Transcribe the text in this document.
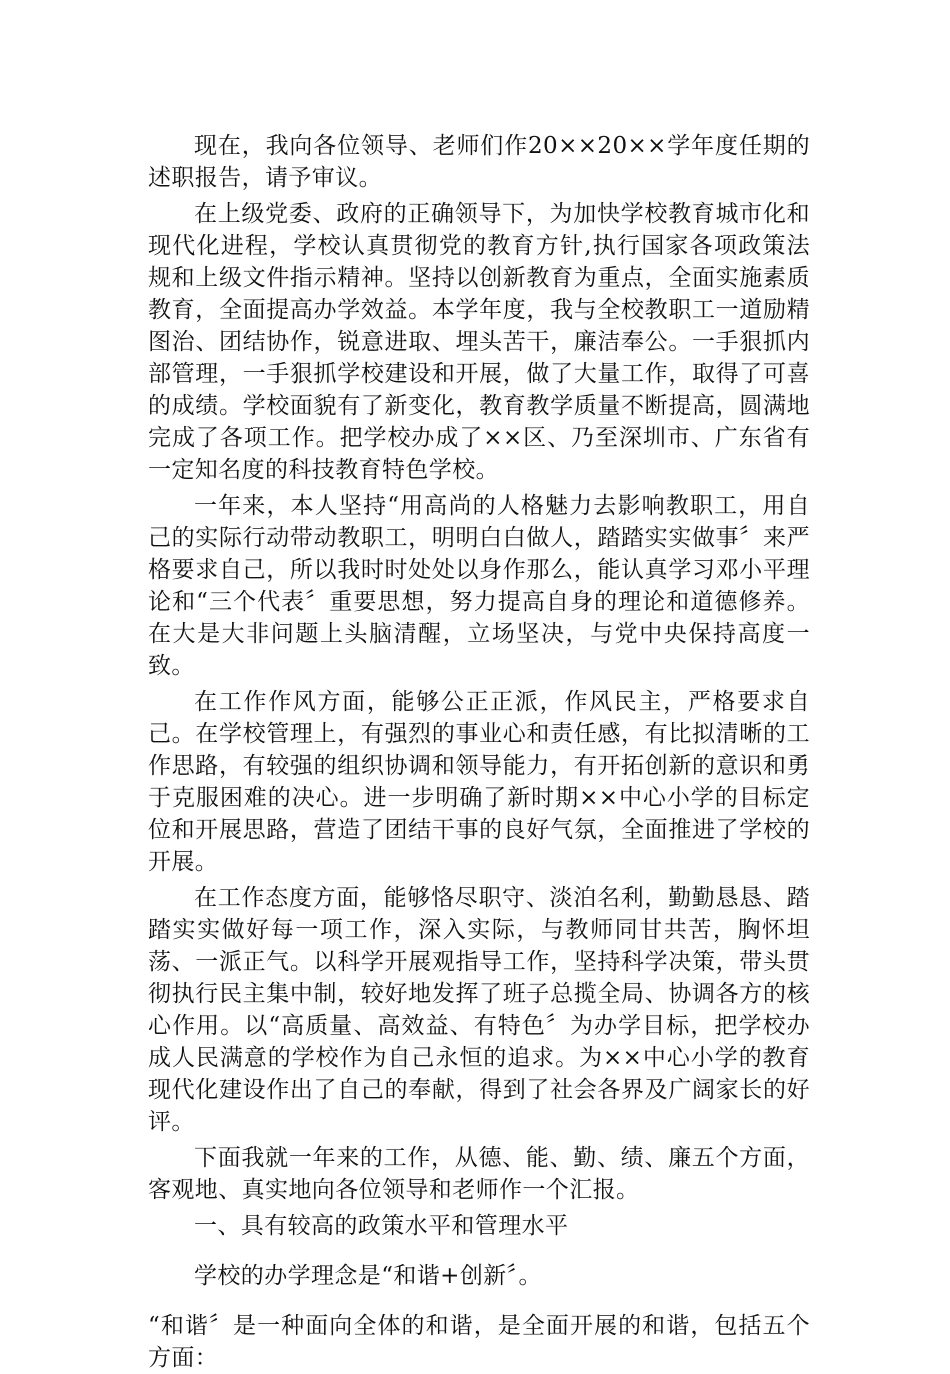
现在，我向各位领导、老师们作20××20××学年度任期的述职报告，请予审议。

在上级党委、政府的正确领导下，为加快学校教育城市化和现代化进程，学校认真贯彻党的教育方针,执行国家各项政策法规和上级文件指示精神。坚持以创新教育为重点，全面实施素质教育，全面提高办学效益。本学年度，我与全校教职工一道励精图治、团结协作，锐意进取、埋头苦干，廉洁奉公。一手狠抓内部管理，一手狠抓学校建设和开展，做了大量工作，取得了可喜的成绩。学校面貌有了新变化，教育教学质量不断提高，圆满地完成了各项工作。把学校办成了××区、乃至深圳市、广东省有一定知名度的科技教育特色学校。

一年来，本人坚持“用高尚的人格魅力去影响教职工，用自己的实际行动带动教职工，明明白白做人，踏踏实实做事〞来严格要求自己，所以我时时处处以身作那么，能认真学习邓小平理论和“三个代表〞重要思想，努力提高自身的理论和道德修养。在大是大非问题上头脑清醒，立场坚决，与党中央保持高度一致。

在工作作风方面，能够公正正派，作风民主，严格要求自己。在学校管理上，有强烈的事业心和责任感，有比拟清晰的工作思路，有较强的组织协调和领导能力，有开拓创新的意识和勇于克服困难的决心。进一步明确了新时期××中心小学的目标定位和开展思路，营造了团结干事的良好气氛，全面推进了学校的开展。

在工作态度方面，能够恪尽职守、淡泊名利，勤勤恳恳、踏踏实实做好每一项工作，深入实际，与教师同甘共苦，胸怀坦荡、一派正气。以科学开展观指导工作，坚持科学决策，带头贯彻执行民主集中制，较好地发挥了班子总揽全局、协调各方的核心作用。以“高质量、高效益、有特色〞为办学目标，把学校办成人民满意的学校作为自己永恒的追求。为××中心小学的教育现代化建设作出了自己的奉献，得到了社会各界及广阔家长的好评。

下面我就一年来的工作，从德、能、勤、绩、廉五个方面，客观地、真实地向各位领导和老师作一个汇报。

一、具有较高的政策水平和管理水平

学校的办学理念是“和谐+创新〞。

“和谐〞是一种面向全体的和谐，是全面开展的和谐，包括五个方面：
